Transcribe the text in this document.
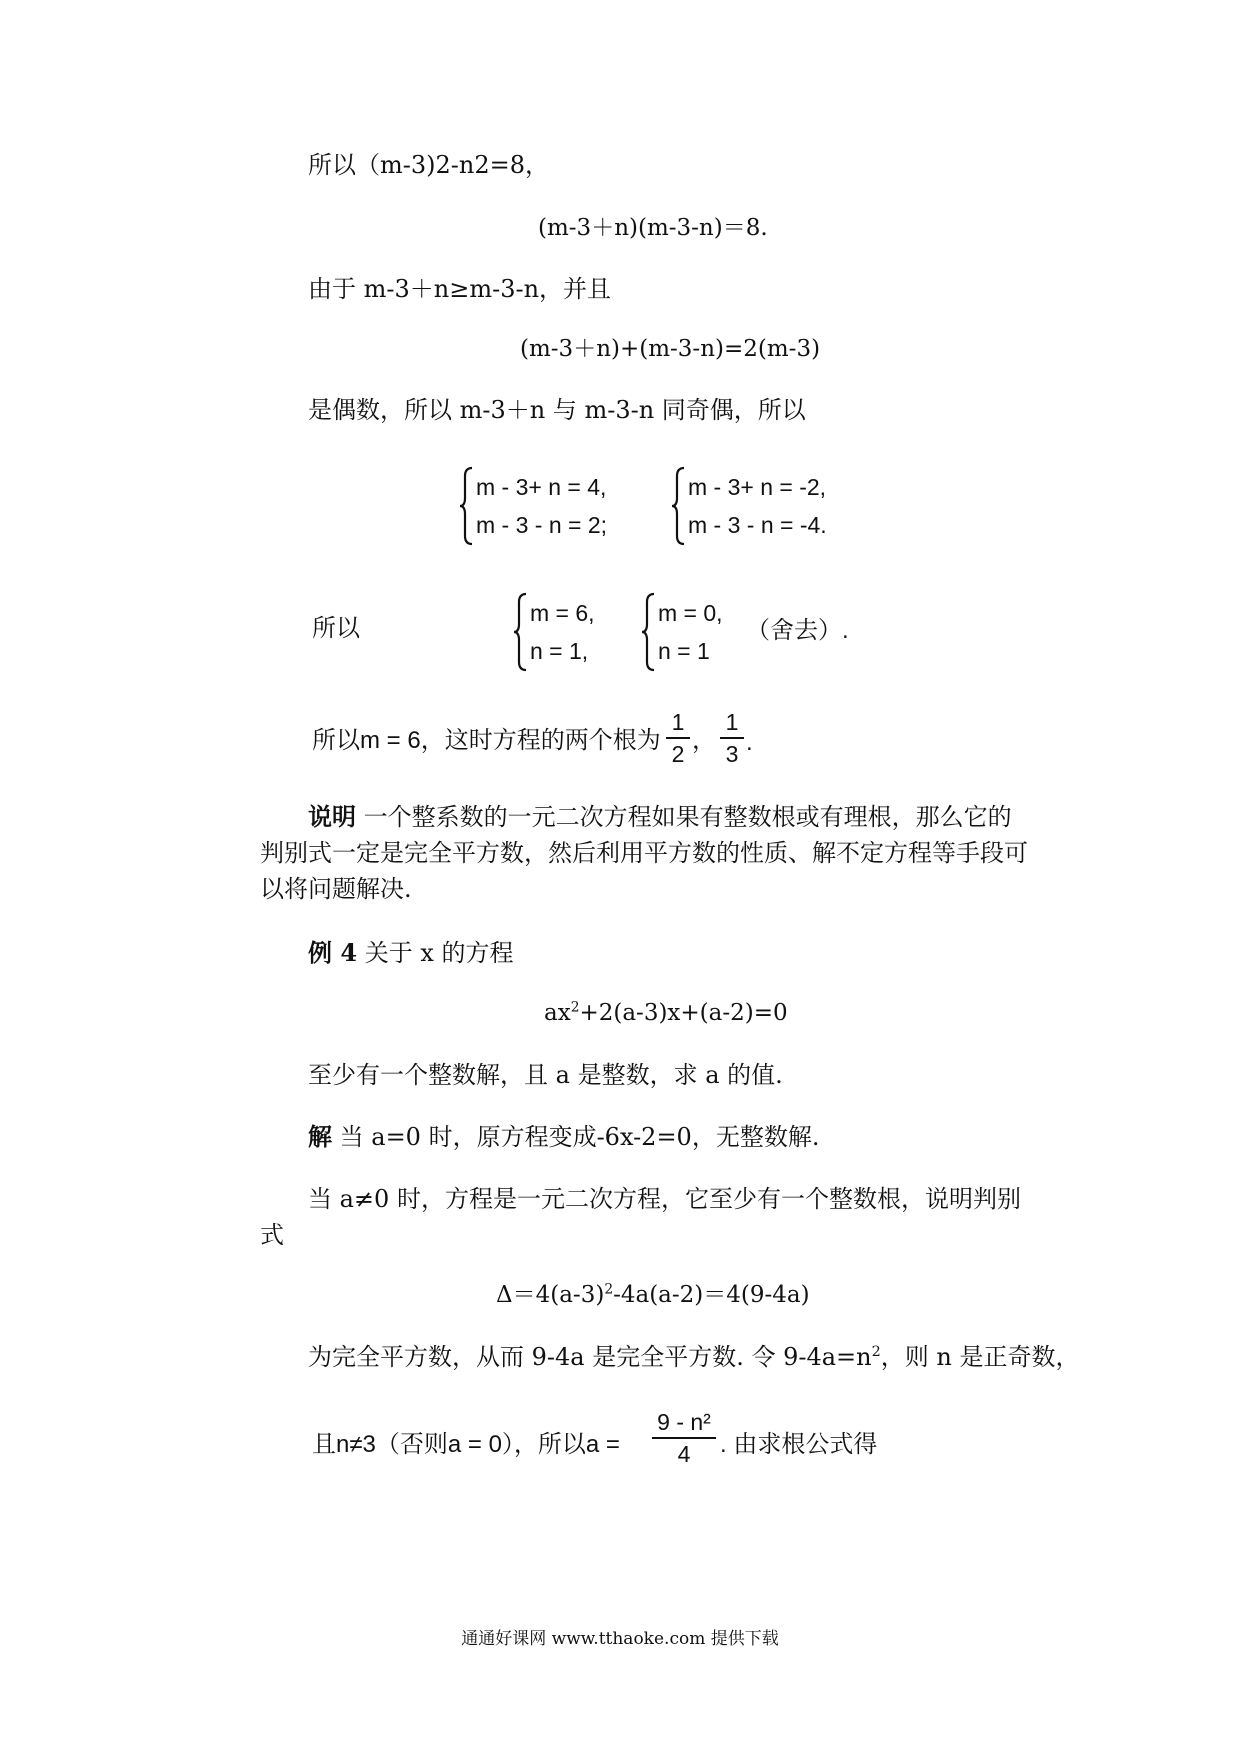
所以（m-3)2-n2=8，
(m-3＋n)(m-3-n)＝8.
由于 m-3＋n≥m-3-n，并且
(m-3＋n)+(m-3-n)=2(m-3)
是偶数，所以 m-3＋n 与 m-3-n 同奇偶，所以
m - 3+ n = 4,
m - 3 - n = 2;
m - 3+ n = -2,
m - 3 - n = -4.
所以
m = 6,
n = 1,
m = 0,
n = 1
（舍去）.
所以m = 6，这时方程的两个根为
1
2 ，
1
3 .
说明 一个整系数的一元二次方程如果有整数根或有理根，那么它的
判别式一定是完全平方数，然后利用平方数的性质、解不定方程等手段可
以将问题解决.
例 4 关于 x 的方程
$ax^2+2(a-3)x+(a-2)=0$
至少有一个整数解，且 a 是整数，求 a 的值.
解 当 a=0 时，原方程变成-6x-2=0，无整数解.
当 a≠0 时，方程是一元二次方程，它至少有一个整数根，说明判别
式
$\Delta=4(a-3)^2-4a(a-2)=4(9-4a)$
为完全平方数，从而 9-4a 是完全平方数. 令 $9-4a=n^2$，则 n 是正奇数，
且n≠3（否则a = 0），所以a =
9 - n²
4	. 由求根公式得
通通好课网 www.tthaoke.com 提供下载
